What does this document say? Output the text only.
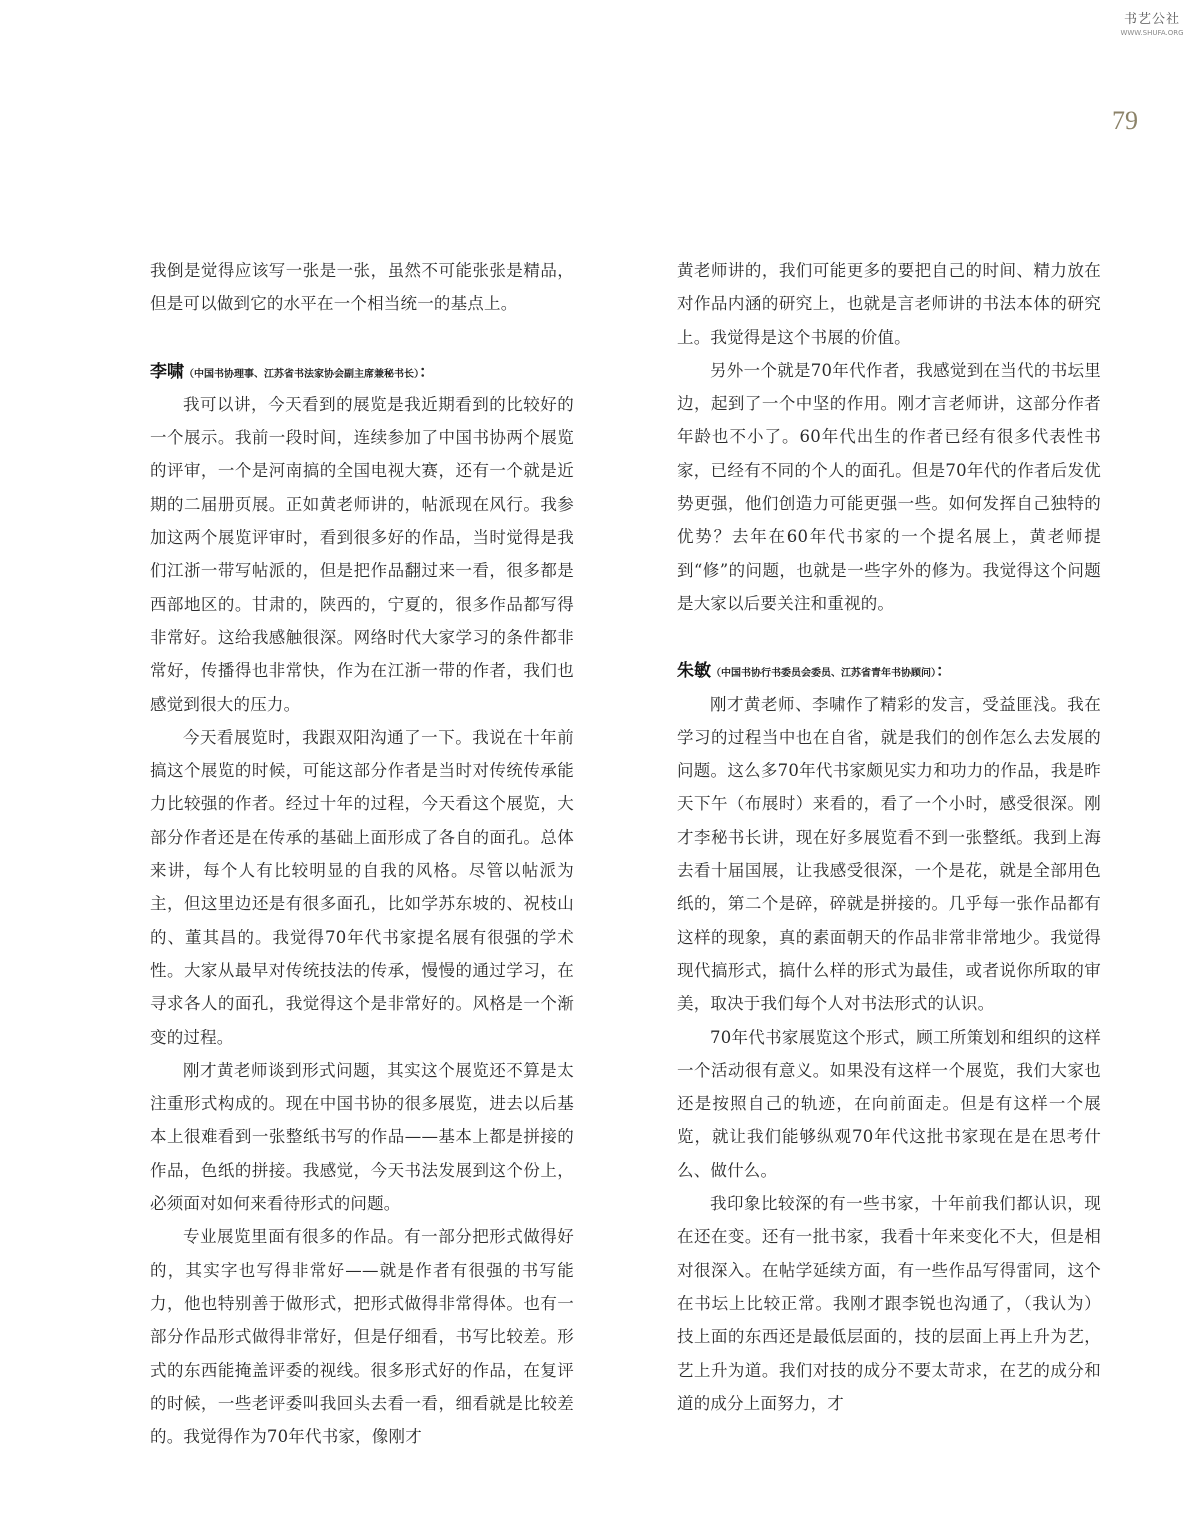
书艺公社
WWW.SHUFA.ORG
79

我倒是觉得应该写一张是一张，虽然不可能张张是精品，但是可以做到它的水平在一个相当统一的基点上。

李啸（中国书协理事、江苏省书法家协会副主席兼秘书长）：

我可以讲，今天看到的展览是我近期看到的比较好的一个展示。我前一段时间，连续参加了中国书协两个展览的评审，一个是河南搞的全国电视大赛，还有一个就是近期的二届册页展。正如黄老师讲的，帖派现在风行。我参加这两个展览评审时，看到很多好的作品，当时觉得是我们江浙一带写帖派的，但是把作品翻过来一看，很多都是西部地区的。甘肃的，陕西的，宁夏的，很多作品都写得非常好。这给我感触很深。网络时代大家学习的条件都非常好，传播得也非常快，作为在江浙一带的作者，我们也感觉到很大的压力。

今天看展览时，我跟双阳沟通了一下。我说在十年前搞这个展览的时候，可能这部分作者是当时对传统传承能力比较强的作者。经过十年的过程，今天看这个展览，大部分作者还是在传承的基础上面形成了各自的面孔。总体来讲，每个人有比较明显的自我的风格。尽管以帖派为主，但这里边还是有很多面孔，比如学苏东坡的、祝枝山的、董其昌的。我觉得70年代书家提名展有很强的学术性。大家从最早对传统技法的传承，慢慢的通过学习，在寻求各人的面孔，我觉得这个是非常好的。风格是一个渐变的过程。

刚才黄老师谈到形式问题，其实这个展览还不算是太注重形式构成的。现在中国书协的很多展览，进去以后基本上很难看到一张整纸书写的作品——基本上都是拼接的作品，色纸的拼接。我感觉，今天书法发展到这个份上，必须面对如何来看待形式的问题。

专业展览里面有很多的作品。有一部分把形式做得好的，其实字也写得非常好——就是作者有很强的书写能力，他也特别善于做形式，把形式做得非常得体。也有一部分作品形式做得非常好，但是仔细看，书写比较差。形式的东西能掩盖评委的视线。很多形式好的作品，在复评的时候，一些老评委叫我回头去看一看，细看就是比较差的。我觉得作为70年代书家，像刚才

黄老师讲的，我们可能更多的要把自己的时间、精力放在对作品内涵的研究上，也就是言老师讲的书法本体的研究上。我觉得是这个书展的价值。

另外一个就是70年代作者，我感觉到在当代的书坛里边，起到了一个中坚的作用。刚才言老师讲，这部分作者年龄也不小了。60年代出生的作者已经有很多代表性书家，已经有不同的个人的面孔。但是70年代的作者后发优势更强，他们创造力可能更强一些。如何发挥自己独特的优势？去年在60年代书家的一个提名展上，黄老师提到“修”的问题，也就是一些字外的修为。我觉得这个问题是大家以后要关注和重视的。

朱敏（中国书协行书委员会委员、江苏省青年书协顾问）：

刚才黄老师、李啸作了精彩的发言，受益匪浅。我在学习的过程当中也在自省，就是我们的创作怎么去发展的问题。这么多70年代书家颇见实力和功力的作品，我是昨天下午（布展时）来看的，看了一个小时，感受很深。刚才李秘书长讲，现在好多展览看不到一张整纸。我到上海去看十届国展，让我感受很深，一个是花，就是全部用色纸的，第二个是碎，碎就是拼接的。几乎每一张作品都有这样的现象，真的素面朝天的作品非常非常地少。我觉得现代搞形式，搞什么样的形式为最佳，或者说你所取的审美，取决于我们每个人对书法形式的认识。

70年代书家展览这个形式，顾工所策划和组织的这样一个活动很有意义。如果没有这样一个展览，我们大家也还是按照自己的轨迹，在向前面走。但是有这样一个展览，就让我们能够纵观70年代这批书家现在是在思考什么、做什么。

我印象比较深的有一些书家，十年前我们都认识，现在还在变。还有一批书家，我看十年来变化不大，但是相对很深入。在帖学延续方面，有一些作品写得雷同，这个在书坛上比较正常。我刚才跟李锐也沟通了，（我认为）技上面的东西还是最低层面的，技的层面上再上升为艺，艺上升为道。我们对技的成分不要太苛求，在艺的成分和道的成分上面努力，才
